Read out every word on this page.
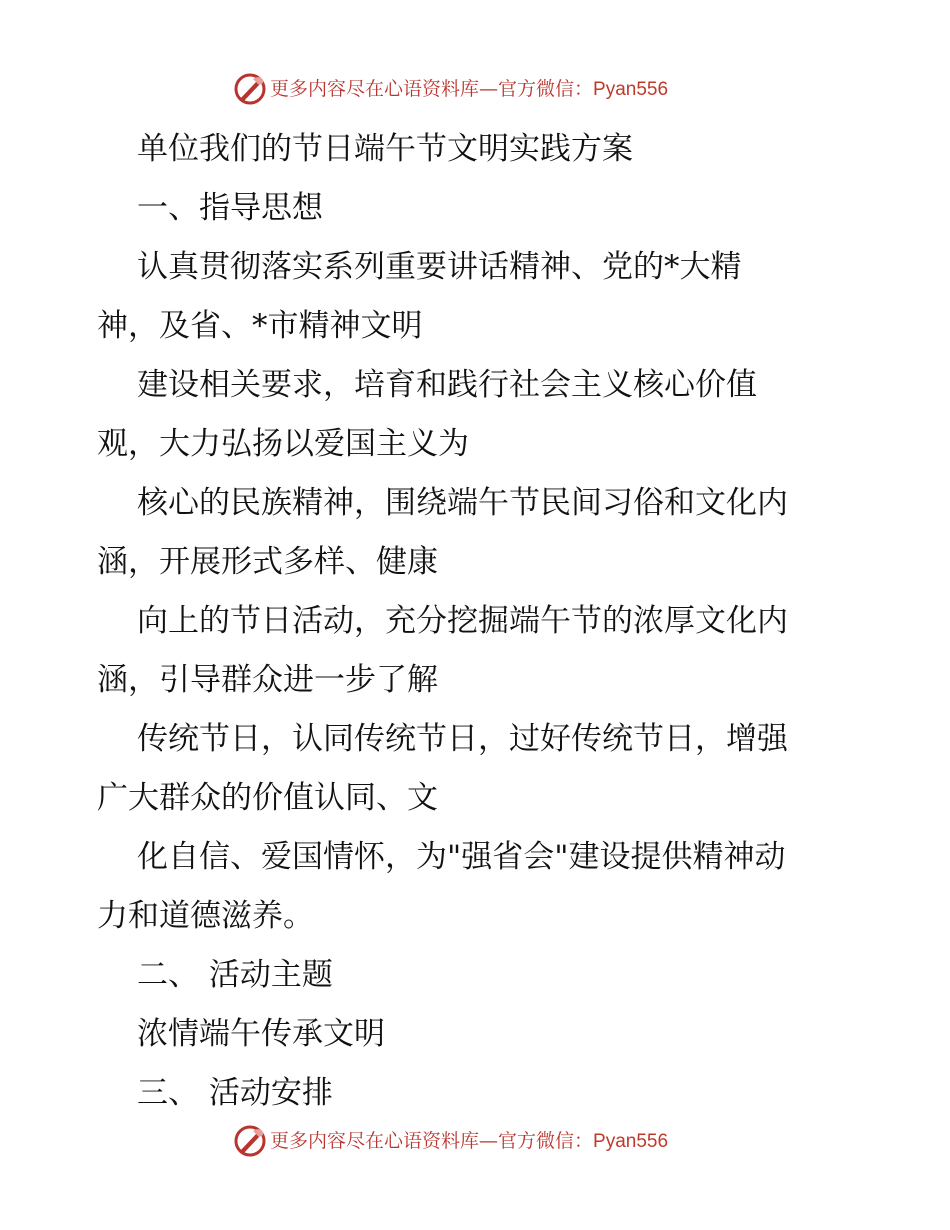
更多内容尽在心语资料库—官方微信：Pyan556
单位我们的节日端午节文明实践方案
一、指导思想
认真贯彻落实系列重要讲话精神、党的*大精
神，及省、*市精神文明
建设相关要求，培育和践行社会主义核心价值
观，大力弘扬以爱国主义为
核心的民族精神，围绕端午节民间习俗和文化内
涵，开展形式多样、健康
向上的节日活动，充分挖掘端午节的浓厚文化内
涵，引导群众进一步了解
传统节日，认同传统节日，过好传统节日，增强
广大群众的价值认同、文
化自信、爱国情怀，为"强省会"建设提供精神动
力和道德滋养。
二、 活动主题
浓情端午传承文明
三、 活动安排
更多内容尽在心语资料库—官方微信：Pyan556
